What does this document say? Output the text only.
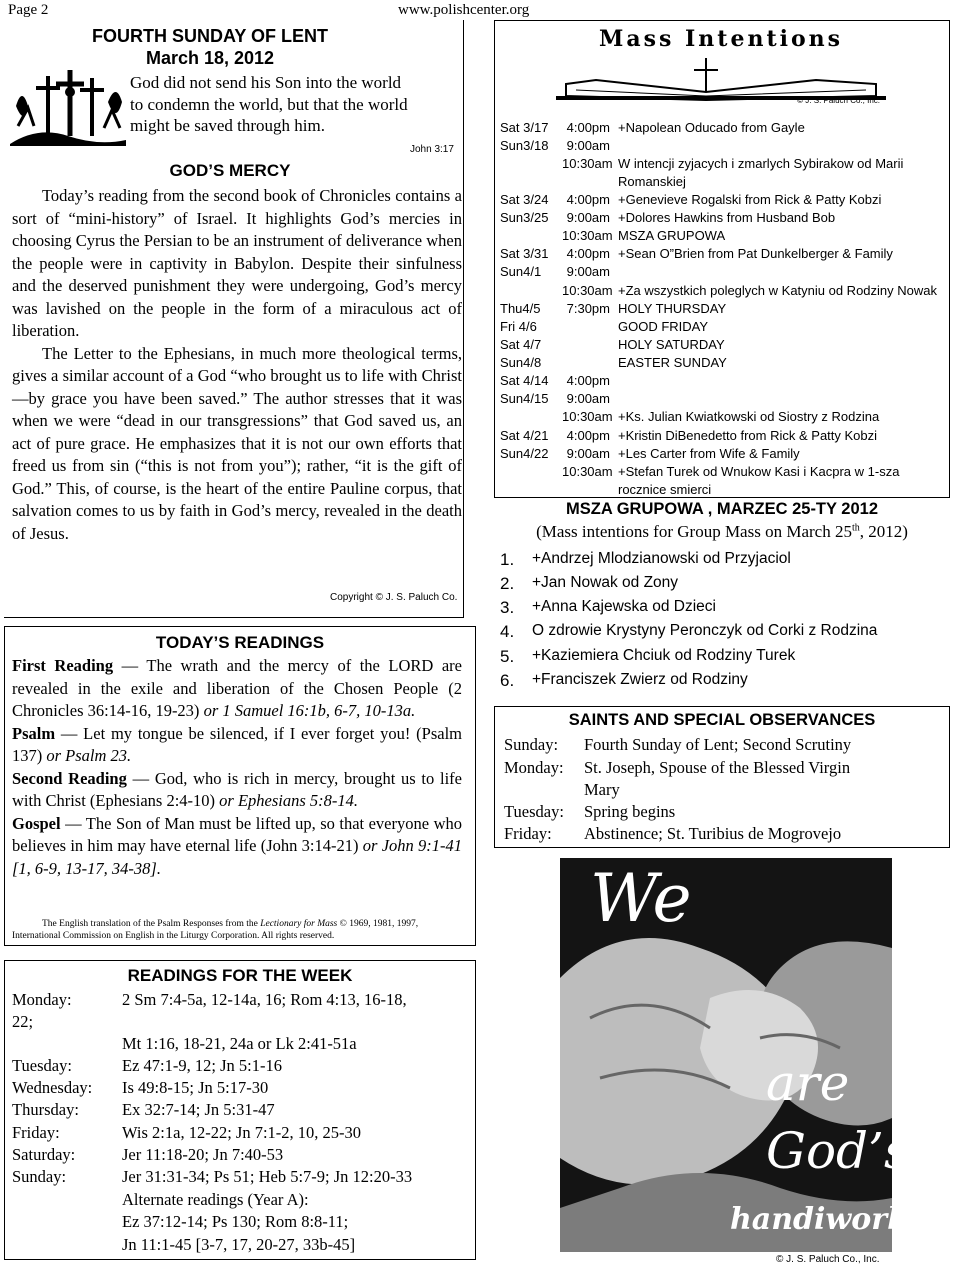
Page 2	www.polishcenter.org
FOURTH SUNDAY OF LENT
March 18, 2012
God did not send his Son into the world
to condemn the world, but that the world
might be saved through him.
John 3:17
GOD’S MERCY
Today’s reading from the second book of Chronicles contains a sort of “mini-history” of Israel. It highlights God’s mercies in choosing Cyrus the Persian to be an instrument of deliverance when the people were in captivity in Babylon. Despite their sinfulness and the deserved punishment they were undergoing, God’s mercy was lavished on the people in the form of a miraculous act of liberation.
The Letter to the Ephesians, in much more theological terms, gives a similar account of a God “who brought us to life with Christ—by grace you have been saved.” The author stresses that it was when we were “dead in our transgressions” that God saved us, an act of pure grace. He emphasizes that it is not our own efforts that freed us from sin (“this is not from you”); rather, “it is the gift of God.” This, of course, is the heart of the entire Pauline corpus, that salvation comes to us by faith in God’s mercy, revealed in the death of Jesus.
Copyright © J. S. Paluch Co.
TODAY’S READINGS
First Reading — The wrath and the mercy of the LORD are revealed in the exile and liberation of the Chosen People (2 Chronicles 36:14-16, 19-23) or 1 Samuel 16:1b, 6-7, 10-13a.
Psalm — Let my tongue be silenced, if I ever forget you! (Psalm 137) or Psalm 23.
Second Reading — God, who is rich in mercy, brought us to life with Christ (Ephesians 2:4-10) or Ephesians 5:8-14.
Gospel — The Son of Man must be lifted up, so that everyone who believes in him may have eternal life (John 3:14-21) or John 9:1-41 [1, 6-9, 13-17, 34-38].
The English translation of the Psalm Responses from the Lectionary for Mass © 1969, 1981, 1997, International Commission on English in the Liturgy Corporation. All rights reserved.
READINGS FOR THE WEEK
Monday:	2 Sm 7:4-5a, 12-14a, 16; Rom 4:13, 16-18,
22;
Mt 1:16, 18-21, 24a or Lk 2:41-51a
Tuesday:	Ez 47:1-9, 12; Jn 5:1-16
Wednesday: Is 49:8-15; Jn 5:17-30
Thursday:	Ex 32:7-14; Jn 5:31-47
Friday:	Wis 2:1a, 12-22; Jn 7:1-2, 10, 25-30
Saturday:	Jer 11:18-20; Jn 7:40-53
Sunday:	Jer 31:31-34; Ps 51; Heb 5:7-9; Jn 12:20-33
Alternate readings (Year A):
Ez 37:12-14; Ps 130; Rom 8:8-11;
Jn 11:1-45 [3-7, 17, 20-27, 33b-45]
Mass Intentions
© J. S. Paluch Co., Inc.
Sat 3/17	4:00pm +Napolean Oducado from Gayle
Sun3/18	9:00am
10:30am W intencji zyjacych i zmarlych Sybirakow od Marii
Romanskiej
Sat 3/24	4:00pm +Genevieve Rogalski from Rick & Patty Kobzi
Sun3/25	9:00am +Dolores Hawkins from Husband Bob
10:30am MSZA GRUPOWA
Sat 3/31	4:00pm +Sean O”Brien from Pat Dunkelberger & Family
Sun4/1	9:00am
10:30am +Za wszystkich poleglych w Katyniu od Rodziny Nowak
Thu4/5	7:30pm HOLY THURSDAY
Fri 4/6	GOOD FRIDAY
Sat 4/7	HOLY SATURDAY
Sun4/8	EASTER SUNDAY
Sat 4/14	4:00pm
Sun4/15	9:00am
10:30am +Ks. Julian Kwiatkowski od Siostry z Rodzina
Sat 4/21	4:00pm +Kristin DiBenedetto from Rick & Patty Kobzi
Sun4/22	9:00am +Les Carter from Wife & Family
10:30am +Stefan Turek od Wnukow Kasi i Kacpra w 1-sza
rocznice smierci
MSZA GRUPOWA , MARZEC 25-TY 2012
(Mass intentions for Group Mass on March 25th, 2012)
1. +Andrzej Mlodzianowski od Przyjaciol
2. +Jan Nowak od Zony
3. +Anna Kajewska od Dzieci
4. O zdrowie Krystyny Peronczyk od Corki z Rodzina
5. +Kaziemiera Chciuk od Rodziny Turek
6. +Franciszek Zwierz od Rodziny
SAINTS AND SPECIAL OBSERVANCES
Sunday: Fourth Sunday of Lent; Second Scrutiny
Monday: St. Joseph, Spouse of the Blessed Virgin
Mary
Tuesday: Spring begins
Friday: Abstinence; St. Turibius de Mogrovejo
We
are
God’s
handiwork
© J. S. Paluch Co., Inc.
